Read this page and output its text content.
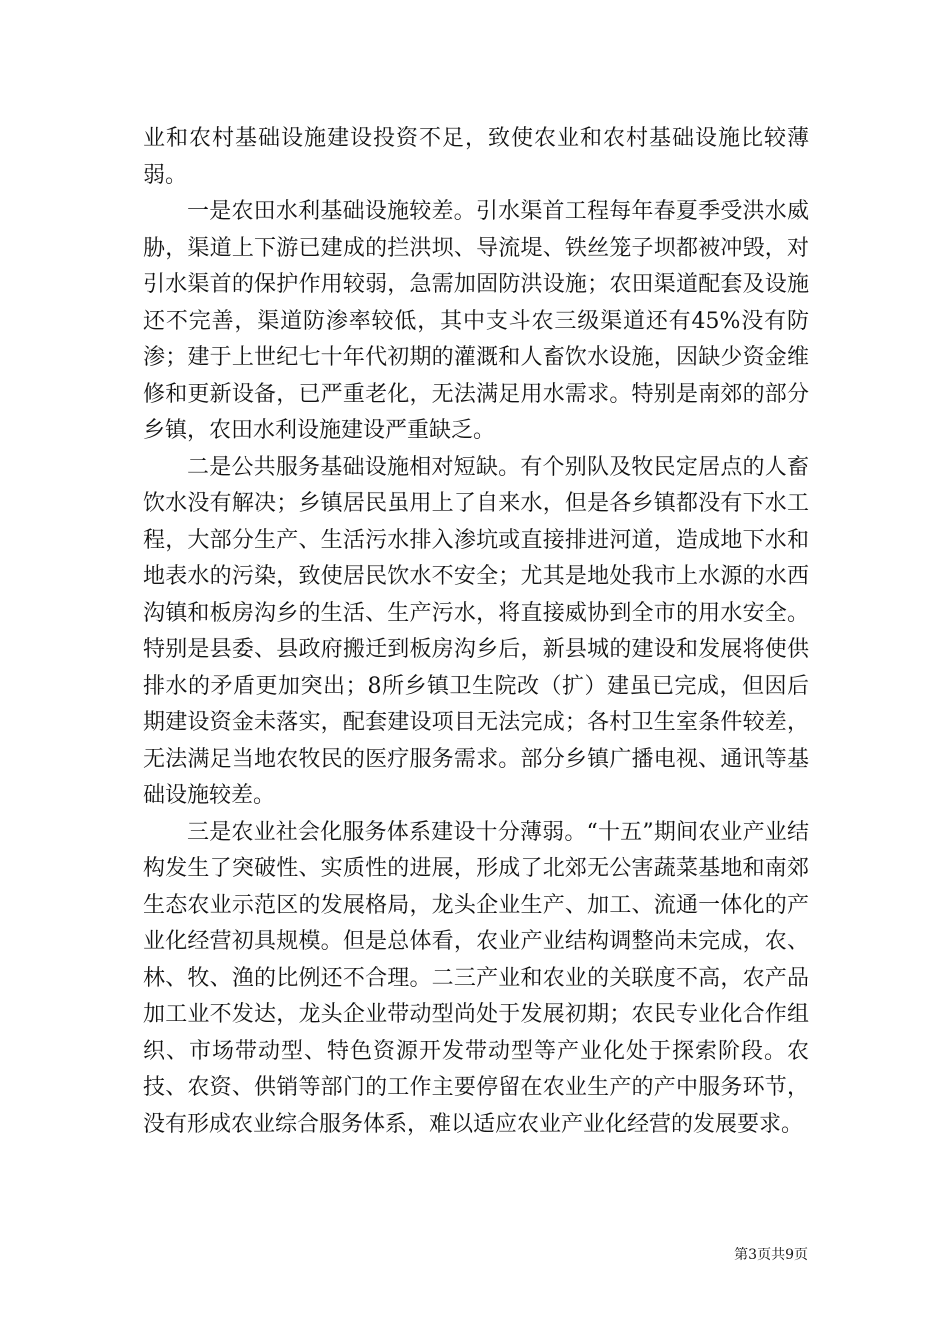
业和农村基础设施建设投资不足，致使农业和农村基础设施比较薄弱。

一是农田水利基础设施较差。引水渠首工程每年春夏季受洪水威胁，渠道上下游已建成的拦洪坝、导流堤、铁丝笼子坝都被冲毁，对引水渠首的保护作用较弱，急需加固防洪设施；农田渠道配套及设施还不完善，渠道防渗率较低，其中支斗农三级渠道还有45%没有防渗；建于上世纪七十年代初期的灌溉和人畜饮水设施，因缺少资金维修和更新设备，已严重老化，无法满足用水需求。特别是南郊的部分乡镇，农田水利设施建设严重缺乏。

二是公共服务基础设施相对短缺。有个别队及牧民定居点的人畜饮水没有解决；乡镇居民虽用上了自来水，但是各乡镇都没有下水工程，大部分生产、生活污水排入渗坑或直接排进河道，造成地下水和地表水的污染，致使居民饮水不安全；尤其是地处我市上水源的水西沟镇和板房沟乡的生活、生产污水，将直接威协到全市的用水安全。特别是县委、县政府搬迁到板房沟乡后，新县城的建设和发展将使供排水的矛盾更加突出；8所乡镇卫生院改（扩）建虽已完成，但因后期建设资金未落实，配套建设项目无法完成；各村卫生室条件较差，无法满足当地农牧民的医疗服务需求。部分乡镇广播电视、通讯等基础设施较差。

三是农业社会化服务体系建设十分薄弱。“十五”期间农业产业结构发生了突破性、实质性的进展，形成了北郊无公害蔬菜基地和南郊生态农业示范区的发展格局，龙头企业生产、加工、流通一体化的产业化经营初具规模。但是总体看，农业产业结构调整尚未完成，农、林、牧、渔的比例还不合理。二三产业和农业的关联度不高，农产品加工业不发达，龙头企业带动型尚处于发展初期；农民专业化合作组织、市场带动型、特色资源开发带动型等产业化处于探索阶段。农技、农资、供销等部门的工作主要停留在农业生产的产中服务环节，没有形成农业综合服务体系，难以适应农业产业化经营的发展要求。

第3页共9页
